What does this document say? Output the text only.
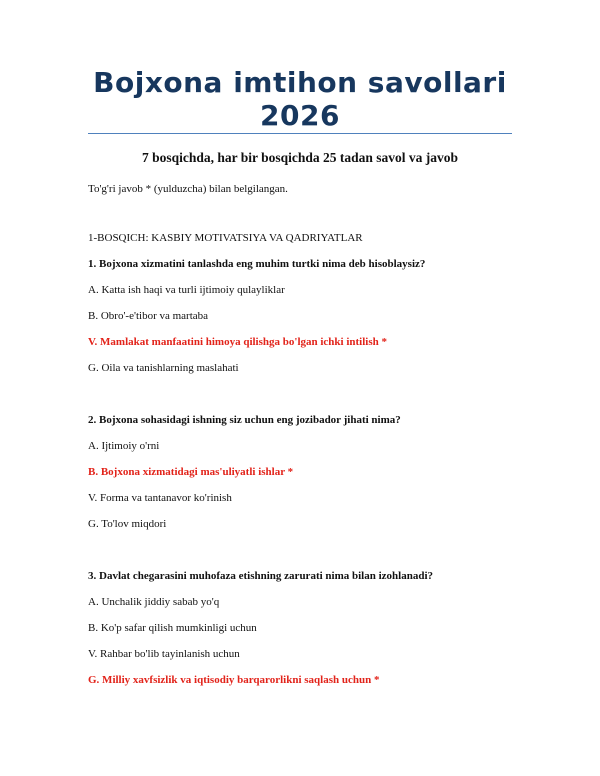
Bojxona imtihon savollari
2026
7 bosqichda, har bir bosqichda 25 tadan savol va javob
To'g'ri javob * (yulduzcha) bilan belgilangan.
1-BOSQICH: KASBIY MOTIVATSIYA VA QADRIYATLAR
1. Bojxona xizmatini tanlashda eng muhim turtki nima deb hisoblaysiz?
A. Katta ish haqi va turli ijtimoiy qulayliklar
B. Obro'-e'tibor va martaba
V. Mamlakat manfaatini himoya qilishga bo'lgan ichki intilish *
G. Oila va tanishlarning maslahati
2. Bojxona sohasidagi ishning siz uchun eng jozibador jihati nima?
A. Ijtimoiy o'rni
B. Bojxona xizmatidagi mas'uliyatli ishlar *
V. Forma va tantanavor ko'rinish
G. To'lov miqdori
3. Davlat chegarasini muhofaza etishning zarurati nima bilan izohlanadi?
A. Unchalik jiddiy sabab yo'q
B. Ko'p safar qilish mumkinligi uchun
V. Rahbar bo'lib tayinlanish uchun
G. Milliy xavfsizlik va iqtisodiy barqarorlikni saqlash uchun *
